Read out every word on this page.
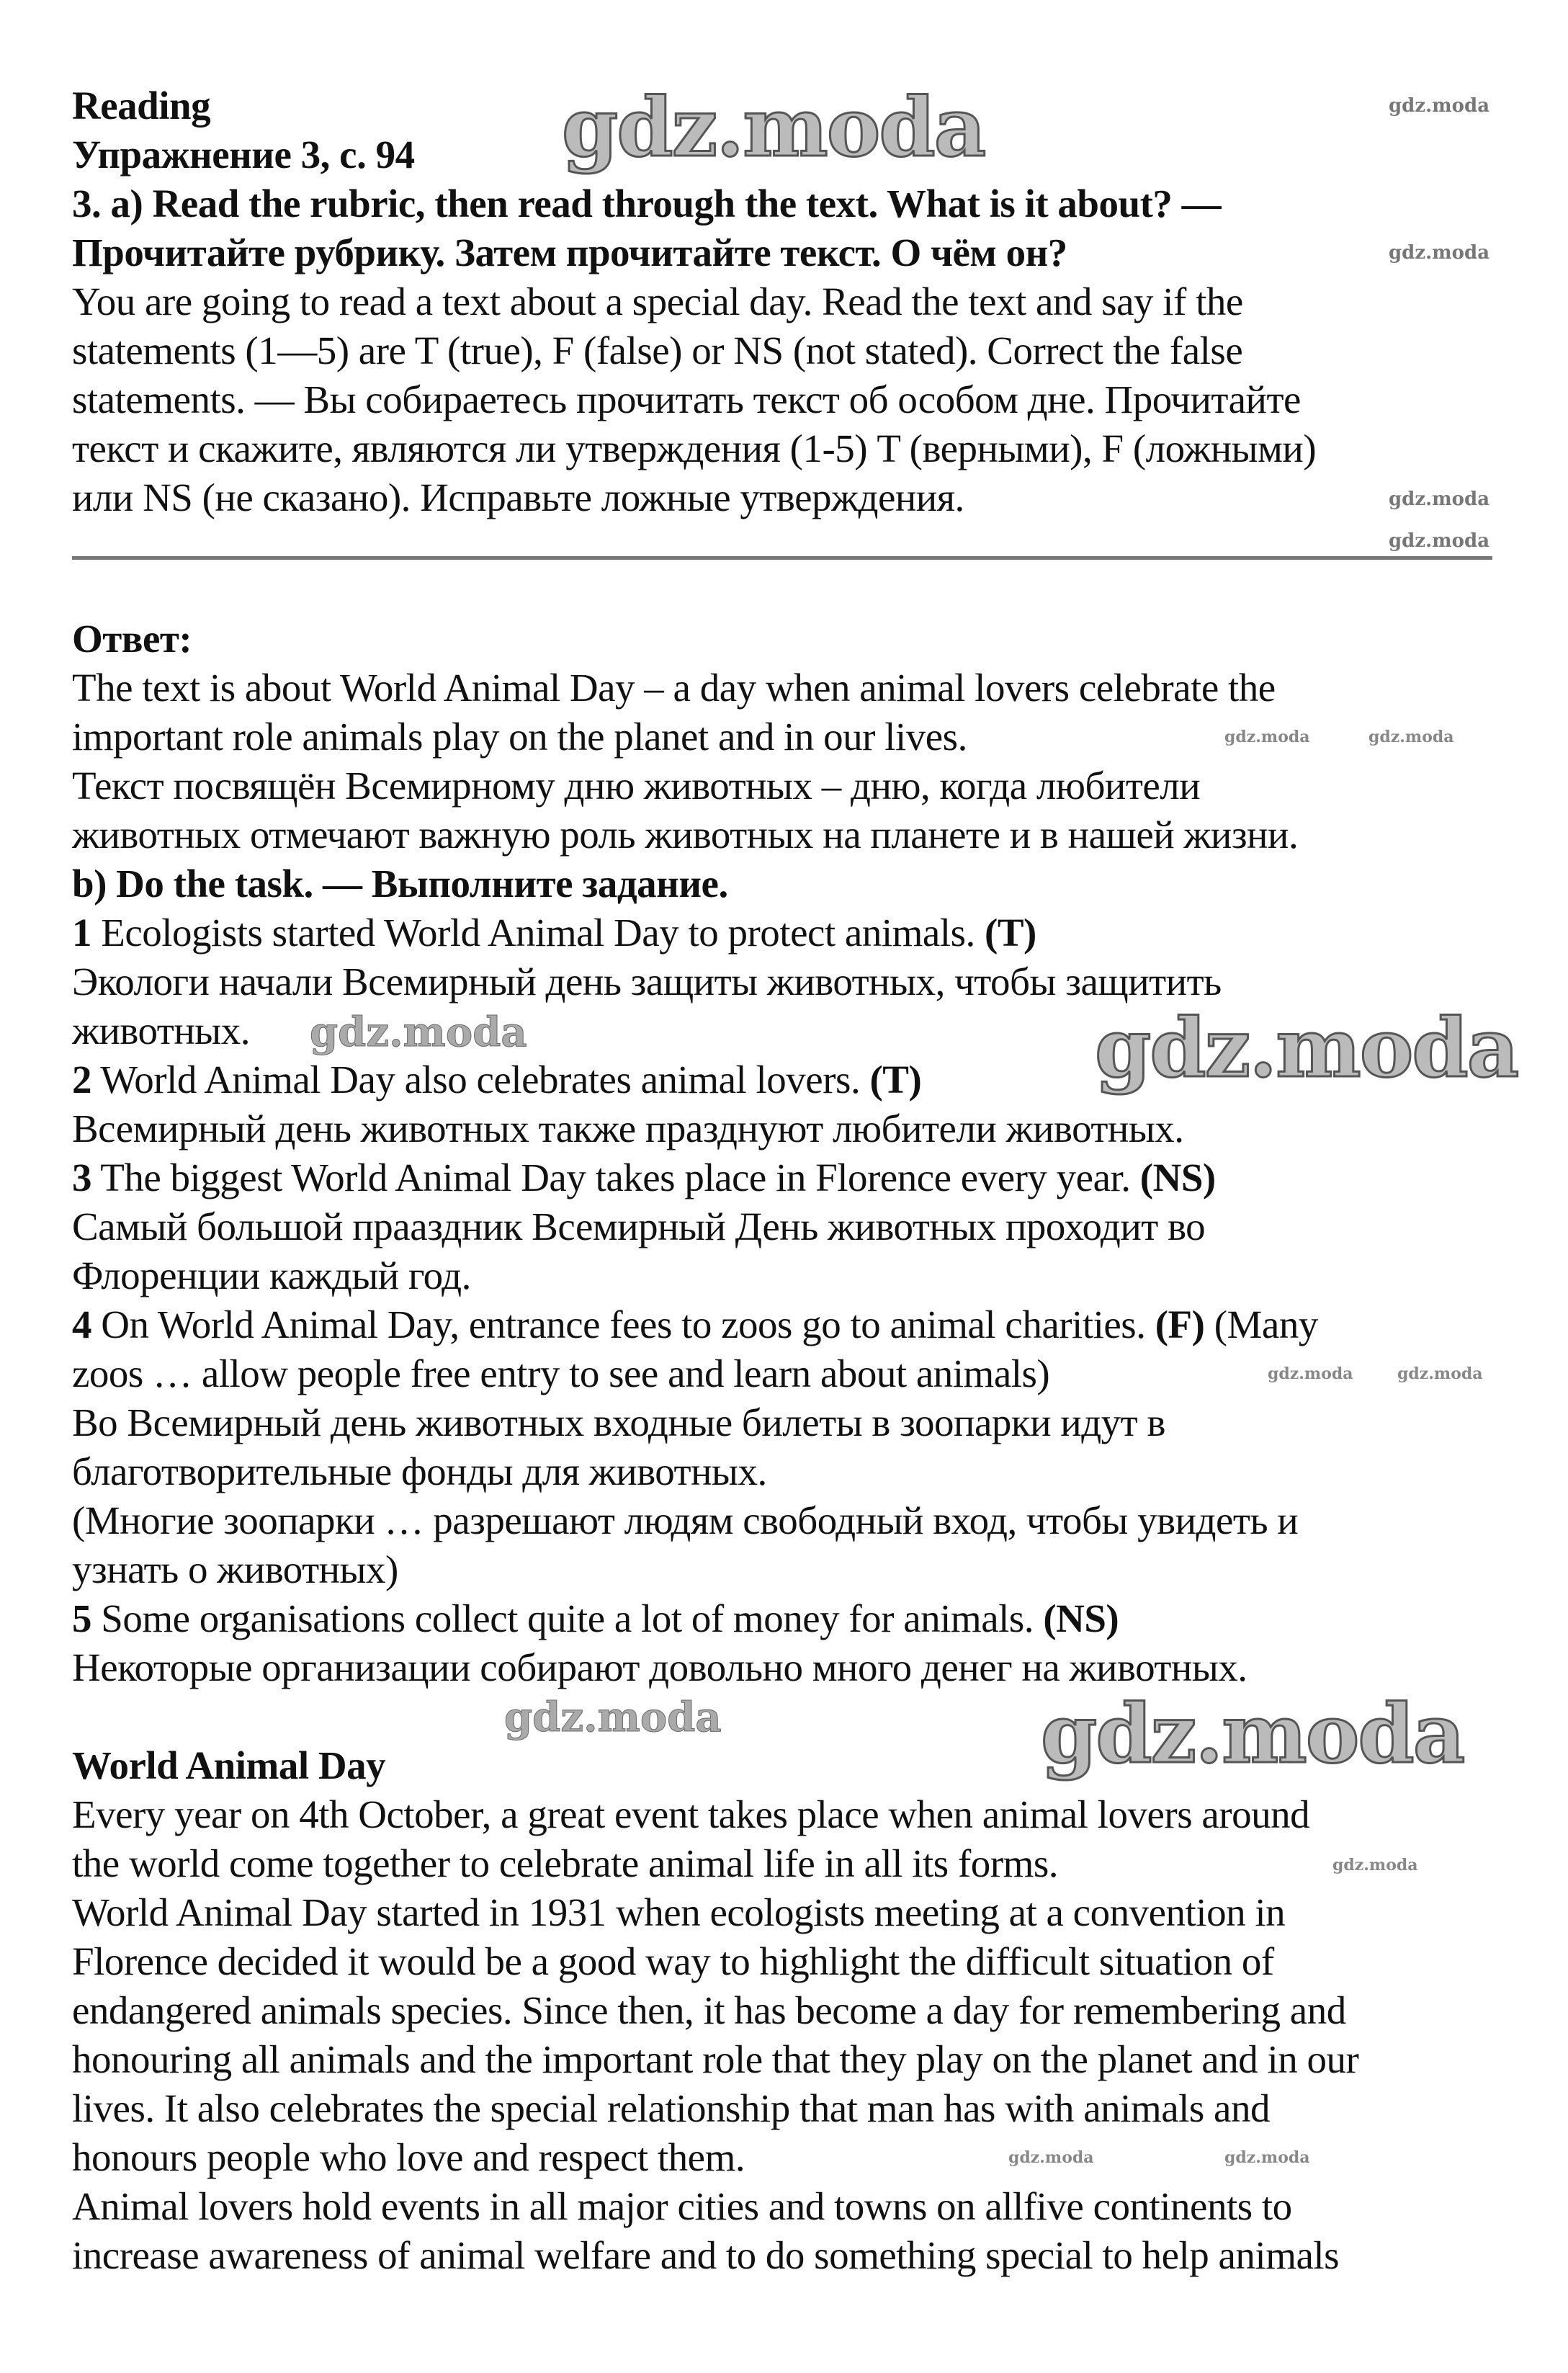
Reading
Упражнение 3, с. 94
3. a) Read the rubric, then read through the text. What is it about? —
Прочитайте рубрику. Затем прочитайте текст. О чём он?
You are going to read a text about a special day. Read the text and say if the
statements (1—5) are T (true), F (false) or NS (not stated). Correct the false
statements. — Вы собираетесь прочитать текст об особом дне. Прочитайте
текст и скажите, являются ли утверждения (1-5) T (верными), F (ложными)
или NS (не сказано). Исправьте ложные утверждения.
Ответ:
The text is about World Animal Day – a day when animal lovers celebrate the
important role animals play on the planet and in our lives.
Текст посвящён Всемирному дню животных – дню, когда любители
животных отмечают важную роль животных на планете и в нашей жизни.
b) Do the task. — Выполните задание.
1 Ecologists started World Animal Day to protect animals. (T)
Экологи начали Всемирный день защиты животных, чтобы защитить
животных.
2 World Animal Day also celebrates animal lovers. (T)
Всемирный день животных также празднуют любители животных.
3 The biggest World Animal Day takes place in Florence every year. (NS)
Самый большой прааздник Всемирный День животных проходит во
Флоренции каждый год.
4 On World Animal Day, entrance fees to zoos go to animal charities. (F) (Many
zoos … allow people free entry to see and learn about animals)
Во Всемирный день животных входные билеты в зоопарки идут в
благотворительные фонды для животных.
(Многие зоопарки … разрешают людям свободный вход, чтобы увидеть и
узнать о животных)
5 Some organisations collect quite a lot of money for animals. (NS)
Некоторые организации собирают довольно много денег на животных.
World Animal Day
Every year on 4th October, a great event takes place when animal lovers around
the world come together to celebrate animal life in all its forms.
World Animal Day started in 1931 when ecologists meeting at a convention in
Florence decided it would be a good way to highlight the difficult situation of
endangered animals species. Since then, it has become a day for remembering and
honouring all animals and the important role that they play on the planet and in our
lives. It also celebrates the special relationship that man has with animals and
honours people who love and respect them.
Animal lovers hold events in all major cities and towns on allfive continents to
increase awareness of animal welfare and to do something special to help animals
gdz.moda
gdz.moda
gdz.moda
gdz.moda
gdz.moda
gdz.moda
gdz.moda
gdz.moda
gdz.moda
gdz.moda	gdz.moda
gdz.moda	gdz.moda
gdz.moda
gdz.moda	gdz.moda
